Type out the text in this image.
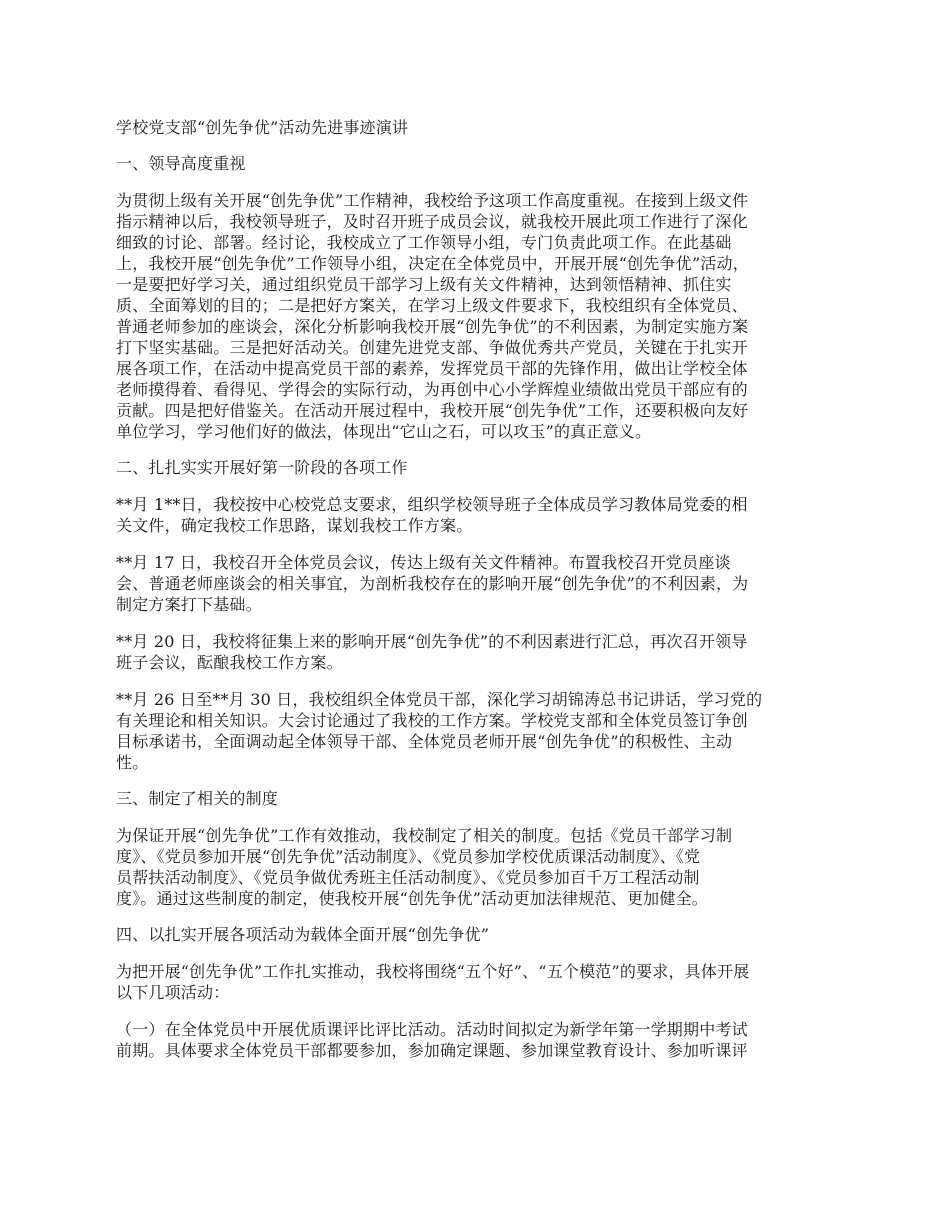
学校党支部“创先争优”活动先进事迹演讲
一、领导高度重视
为贯彻上级有关开展“创先争优”工作精神，我校给予这项工作高度重视。在接到上级文件
指示精神以后，我校领导班子，及时召开班子成员会议，就我校开展此项工作进行了深化
细致的讨论、部署。经讨论，我校成立了工作领导小组，专门负责此项工作。在此基础
上，我校开展“创先争优”工作领导小组，决定在全体党员中，开展开展“创先争优”活动，
一是要把好学习关，通过组织党员干部学习上级有关文件精神，达到领悟精神、抓住实
质、全面筹划的目的；二是把好方案关，在学习上级文件要求下，我校组织有全体党员、
普通老师参加的座谈会，深化分析影响我校开展“创先争优”的不利因素，为制定实施方案
打下坚实基础。三是把好活动关。创建先进党支部、争做优秀共产党员，关键在于扎实开
展各项工作，在活动中提高党员干部的素养，发挥党员干部的先锋作用，做出让学校全体
老师摸得着、看得见、学得会的实际行动，为再创中心小学辉煌业绩做出党员干部应有的
贡献。四是把好借鉴关。在活动开展过程中，我校开展“创先争优”工作，还要积极向友好
单位学习，学习他们好的做法，体现出“它山之石，可以攻玉”的真正意义。
二、扎扎实实开展好第一阶段的各项工作
**月 1**日，我校按中心校党总支要求，组织学校领导班子全体成员学习教体局党委的相
关文件，确定我校工作思路，谋划我校工作方案。
**月 17 日，我校召开全体党员会议，传达上级有关文件精神。布置我校召开党员座谈
会、普通老师座谈会的相关事宜，为剖析我校存在的影响开展“创先争优”的不利因素，为
制定方案打下基础。
**月 20 日，我校将征集上来的影响开展“创先争优”的不利因素进行汇总，再次召开领导
班子会议，酝酿我校工作方案。
**月 26 日至**月 30 日，我校组织全体党员干部，深化学习胡锦涛总书记讲话，学习党的
有关理论和相关知识。大会讨论通过了我校的工作方案。学校党支部和全体党员签订争创
目标承诺书，全面调动起全体领导干部、全体党员老师开展“创先争优”的积极性、主动
性。
三、制定了相关的制度
为保证开展“创先争优”工作有效推动，我校制定了相关的制度。包括《党员干部学习制
度》、《党员参加开展“创先争优”活动制度》、《党员参加学校优质课活动制度》、《党
员帮扶活动制度》、《党员争做优秀班主任活动制度》、《党员参加百千万工程活动制
度》。通过这些制度的制定，使我校开展“创先争优”活动更加法律规范、更加健全。
四、以扎实开展各项活动为载体全面开展“创先争优”
为把开展“创先争优”工作扎实推动，我校将围绕“五个好”、“五个模范”的要求，具体开展
以下几项活动：
（一）在全体党员中开展优质课评比评比活动。活动时间拟定为新学年第一学期期中考试
前期。具体要求全体党员干部都要参加，参加确定课题、参加课堂教育设计、参加听课评
